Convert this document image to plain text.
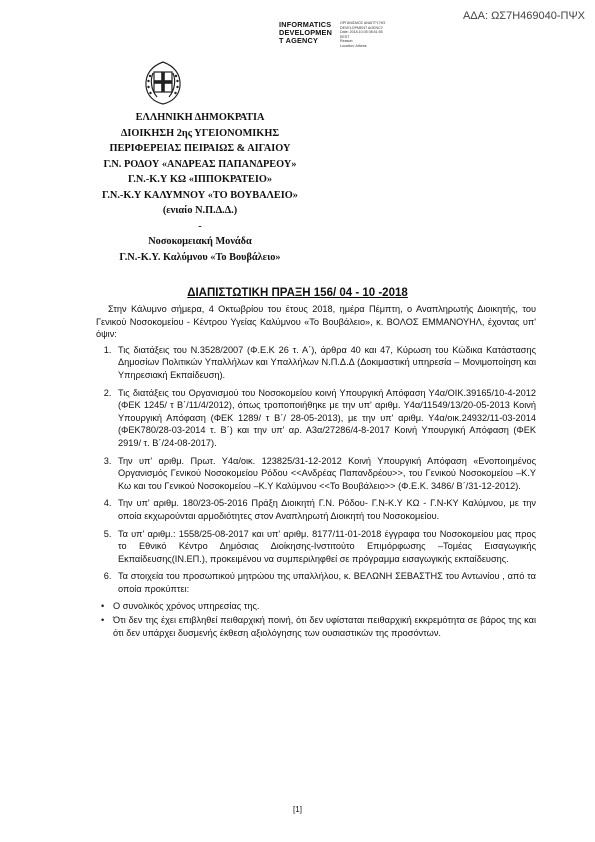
ΑΔΑ: ΩΣ7Η469040-ΠΨΧ
INFORMATICS
DEVELOPMEN
T AGENCY
ΟΡΓΑΝΙΣΜΟΣ ΑΝΑΠΤΥΞΗΣ
DEVELOPMENT AGENCY
Date: 2018.10.05 08:51:55
EEST
Reason:
Location: Athens
ΕΛΛΗΝΙΚΗ ΔΗΜΟΚΡΑΤΙΑ
ΔΙΟΙΚΗΣΗ 2ης ΥΓΕΙΟΝΟΜΙΚΗΣ
ΠΕΡΙΦΕΡΕΙΑΣ ΠΕΙΡΑΙΩΣ & ΑΙΓΑΙΟΥ
Γ.Ν. ΡΟΔΟΥ «ΑΝΔΡΕΑΣ ΠΑΠΑΝΔΡΕΟΥ»
Γ.Ν.-Κ.Υ ΚΩ «ΙΠΠΟΚΡΑΤΕΙΟ»
Γ.Ν.-Κ.Υ ΚΑΛΥΜΝΟΥ «ΤΟ ΒΟΥΒΑΛΕΙΟ»
(ενιαίο Ν.Π.Δ.Δ.)
-
Νοσοκομειακή Μονάδα
Γ.Ν.-Κ.Υ. Καλύμνου «Το Βουβάλειο»
ΔΙΑΠΙΣΤΩΤΙΚΗ ΠΡΑΞΗ 156/ 04 - 10 -2018

Στην Κάλυμνο σήμερα, 4 Οκτωβρίου του έτους 2018, ημέρα Πέμπτη, ο Αναπληρωτής Διοικητής, του Γενικού Νοσοκομείου - Κέντρου Υγείας Καλύμνου «Το Βουβάλειο», κ. ΒΟΛΟΣ ΕΜΜΑΝΟΥΗΛ, έχοντας υπ' όψιν:

1. Τις διατάξεις του Ν.3528/2007 (Φ.Ε.Κ 26 τ. Α΄), άρθρα 40 και 47, Κύρωση του Κώδικα Κατάστασης Δημοσίων Πολιτικών Υπαλλήλων και Υπαλλήλων Ν.Π.Δ.Δ (Δοκιμαστική υπηρεσία – Μονιμοποίηση και Υπηρεσιακή Εκπαίδευση).
2. Τις διατάξεις του Οργανισμού του Νοσοκομείου κοινή Υπουργική Απόφαση Υ4α/ΟΙΚ.39165/10-4-2012 (ΦΕΚ 1245/ τ Β΄/11/4/2012), όπως τροποποιήθηκε με την υπ' αριθμ. Υ4α/11549/13/20-05-2013 Κοινή Υπουργική Απόφαση (ΦΕΚ 1289/ τ Β΄/ 28-05-2013), με την υπ' αριθμ. Υ4α/οικ.24932/11-03-2014 (ΦΕΚ780/28-03-2014 τ. Β΄) και την υπ' αρ. Α3α/27286/4-8-2017 Κοινή Υπουργική Απόφαση (ΦΕΚ 2919/ τ. Β΄/24-08-2017).
3. Την υπ' αριθμ. Πρωτ. Υ4α/οικ. 123825/31-12-2012 Κοινή Υπουργική Απόφαση «Ενοποιημένος Οργανισμός Γενικού Νοσοκομείου Ρόδου <<Ανδρέας Παπανδρέου>>, του Γενικού Νοσοκομείου –Κ.Υ Κω και του Γενικού Νοσοκομείου –Κ.Υ Καλύμνου <<Το Βουβάλειο>> (Φ.Ε.Κ. 3486/ Β΄/31-12-2012).
4. Την υπ' αριθμ. 180/23-05-2016 Πράξη Διοικητή Γ.Ν. Ρόδου- Γ.Ν-Κ.Υ ΚΩ - Γ.Ν-ΚΥ Καλύμνου, με την οποία εκχωρούνται αρμοδιότητες στον Αναπληρωτή Διοικητή του Νοσοκομείου.
5. Τα υπ' αριθμ.: 1558/25-08-2017 και υπ' αριθμ. 8177/11-01-2018 έγγραφα του Νοσοκομείου μας προς το Εθνικό Κέντρο Δημόσιας Διοίκησης-Ινστιτούτο Επιμόρφωσης –Τομέας Εισαγωγικής Εκπαίδευσης(ΙΝ.ΕΠ.), προκειμένου να συμπεριληφθεί σε πρόγραμμα εισαγωγικής εκπαίδευσης.
6. Τα στοιχεία του προσωπικού μητρώου της υπαλλήλου, κ. ΒΕΛΩΝΗ ΣΕΒΑΣΤΗΣ του Αντωνίου , από τα οποία προκύπτει:
• Ο συνολικός χρόνος υπηρεσίας της.
• Ότι δεν της έχει επιβληθεί πειθαρχική ποινή, ότι δεν υφίσταται πειθαρχική εκκρεμότητα σε βάρος της και ότι δεν υπάρχει δυσμενής έκθεση αξιολόγησης των ουσιαστικών της προσόντων.
[1]
